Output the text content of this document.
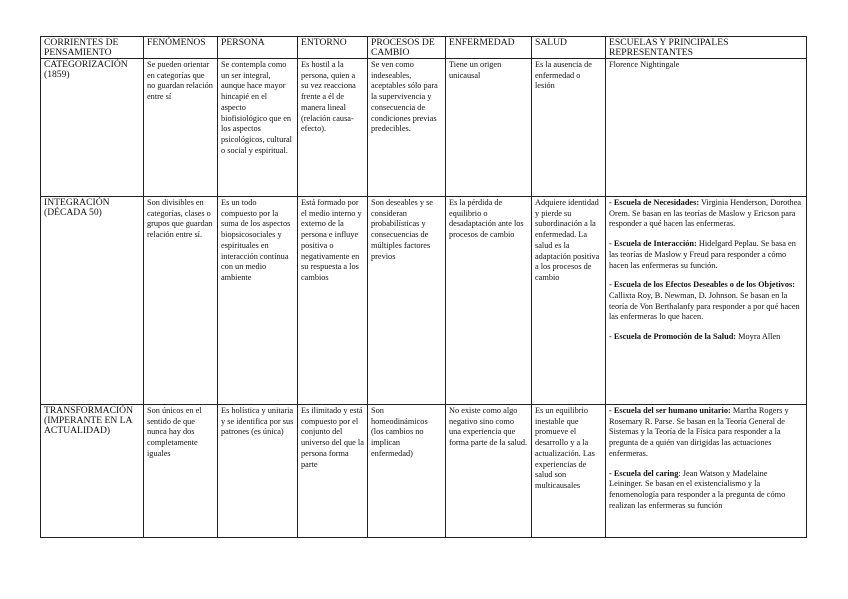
CORRIENTES DE PENSAMIENTO	FENÓMENOS	PERSONA	ENTORNO	PROCESOS DE CAMBIO	ENFERMEDAD	SALUD	ESCUELAS Y PRINCIPALES REPRESENTANTES
CATEGORIZACIÓN (1859)	Se pueden orientar en categorías que no guardan relación entre sí	Se contempla como un ser integral, aunque hace mayor hincapié en el aspecto biofisiológico que en los aspectos psicológicos, cultural o social y espiritual.	Es hostil a la persona, quien a su vez reacciona frente a él de manera lineal (relación causa-efecto).	Se ven como indeseables, aceptables sólo para la supervivencia y consecuencia de condiciones previas predecibles.	Tiene un origen unicausal	Es la ausencia de enfermedad o lesión	Florence Nightingale

INTEGRACIÓN (DÉCADA 50)	Son divisibles en categorías, clases o grupos que guardan relación entre sí.	Es un todo compuesto por la suma de los aspectos biopsicosociales y espirituales en interacción contínua con un medio ambiente	Está formado por el medio interno y externo de la persona e influye positiva o negativamente en su respuesta a los cambios	Son deseables y se consideran probabilísticas y consecuencias de múltiples factores previos	Es la pérdida de equilibrio o desadaptación ante los procesos de cambio	Adquiere identidad y pierde su subordinación a la enfermedad. La salud es la adaptación positiva a los procesos de cambio	- Escuela de Necesidades: Virginia Henderson, Dorothea Orem. Se basan en las teorías de Maslow y Ericson para responder a qué hacen las enfermeras.
- Escuela de Interacción: Hidelgard Peplau. Se basa en las teorías de Maslow y Freud para responder a cómo hacen las enfermeras su función.
- Escuela de los Efectos Deseables o de los Objetivos: Callixta Roy, B. Newman, D. Johnson. Se basan en la teoría de Von Berthalanfy para responder a por qué hacen las enfermeras lo que hacen.
- Escuela de Promoción de la Salud: Moyra Allen

TRANSFORMACIÓN (IMPERANTE EN LA ACTUALIDAD)	Son únicos en el sentido de que nunca hay dos completamente iguales	Es holística y unitaria y se identifica por sus patrones (es única)	Es ilimitado y está compuesto por el conjunto del universo del que la persona forma parte	Son homeodinámicos (los cambios no implican enfermedad)	No existe como algo negativo sino como una experiencia que forma parte de la salud.	Es un equilibrio inestable que promueve el desarrollo y a la actualización. Las experiencias de salud son multicausales	- Escuela del ser humano unitario: Martha Rogers y Rosemary R. Parse. Se basan en la Teoría General de Sistemas y la Teoría de la Física para responder a la pregunta de a quién van dirigidas las actuaciones enfermeras.
- Escuela del caring: Jean Watson y Madelaine Leininger. Se basan en el existencialismo y la fenomenología para responder a la pregunta de cómo realizan las enfermeras su función
